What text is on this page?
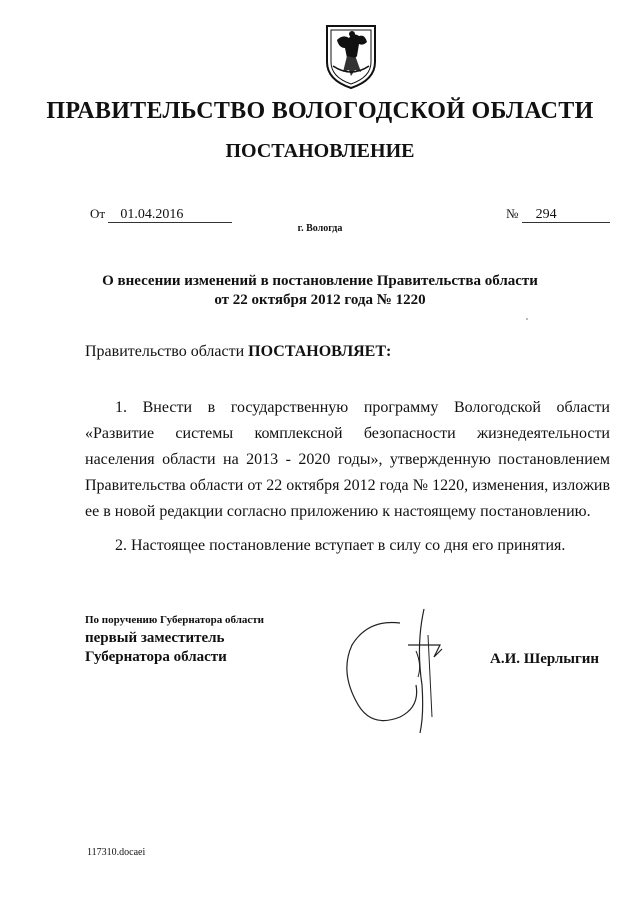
ПРАВИТЕЛЬСТВО ВОЛОГОДСКОЙ ОБЛАСТИ
ПОСТАНОВЛЕНИЕ
От 01.04.2016	№ 294
г. Вологда
О внесении изменений в постановление Правительства области
от 22 октября 2012 года № 1220
Правительство области ПОСТАНОВЛЯЕТ:

1. Внести в государственную программу Вологодской области «Развитие системы комплексной безопасности жизнедеятельности населения области на 2013 - 2020 годы», утвержденную постановлением Правительства области от 22 октября 2012 года № 1220, изменения, изложив ее в новой редакции согласно приложению к настоящему постановлению.

2. Настоящее постановление вступает в силу со дня его принятия.

По поручению Губернатора области
первый заместитель
Губернатора области	А.И. Шерлыгин
117310.docaei
